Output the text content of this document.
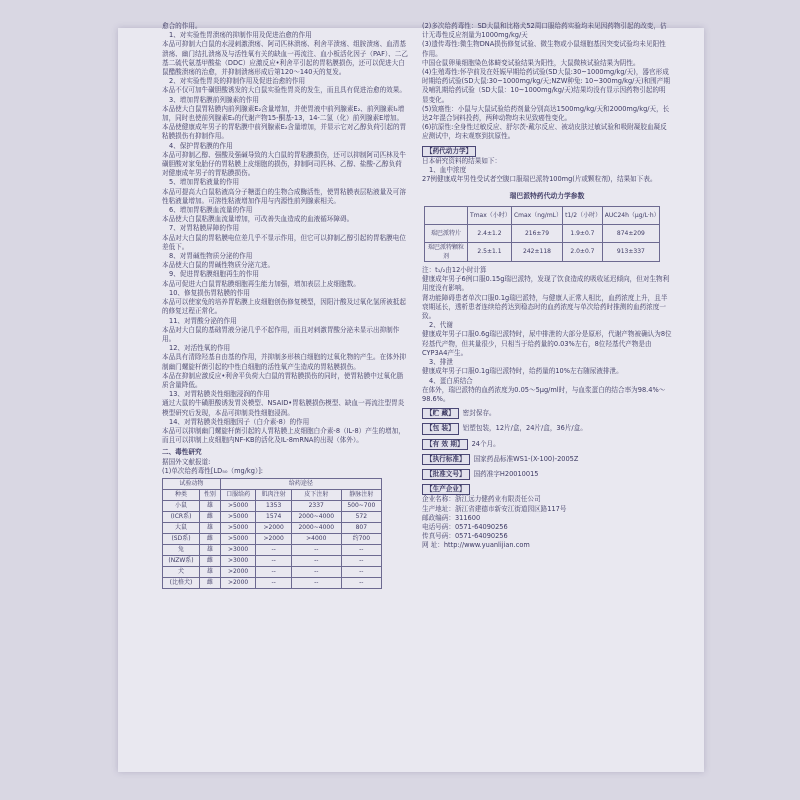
愈合的作用。

1、对实验性胃溃疡的抑制作用及促进治愈的作用

本品可抑制大白鼠的水浸刺激溃疡、阿司匹林溃疡、利舍平溃疡、组胺溃疡、血清基溃疡、幽门结扎溃疡及与活性氧有关的缺血一再流注、血小板活化因子（PAF）、二乙基二硫代氨基甲酸盐（DDC）应激反应•利舍平引起的胃粘膜损伤，还可以促进大白鼠醋酸溃疡的治愈，并抑制溃疡形成后第120～140天的复发。

2、对实验性胃炎的抑制作用及促进治愈的作用

本品不仅可加牛磺胆酸诱发的大白鼠实验性胃炎的发生，而且具有促进治愈的效果。

3、增加胃粘膜前列腺素的作用

本品使大白鼠胃粘膜内前列腺素E₂含量增加，并使胃液中前列腺素E₂、前列腺素I₂增加，同时也使前列腺素E₂的代谢产物15-酮基-13，14-二氢（化）前列腺素E增加。

本品使健康成年男子的胃粘膜中前列腺素E₂含量增加，并显示它对乙醇负荷引起的胃粘膜损伤有抑制作用。

4、保护胃粘膜的作用

本品可抑制乙醇、强酸及强碱导致的大白鼠的胃粘膜损伤，还可以抑制阿司匹林及牛磺胆酸对家兔胎仔的胃粘膜上皮细胞的损伤，抑制阿司匹林、乙醇、盐酸-乙醇负荷对健康成年男子的胃粘膜损伤。

5、增加胃粘液量的作用

本品可提高大白鼠粘液高分子糖蛋白的生物合成酶活性，使胃粘膜表层粘液量及可溶性粘液量增加。可溶性粘液增加作用与内源性前列腺素相关。

6、增加胃粘膜血流量的作用

本品使大白鼠粘膜血流量增加，可改善失血造成的血液循环障碍。

7、对胃粘膜屏障的作用

本品对大白鼠的胃粘膜电位差几乎不显示作用，但它可以抑制乙醇引起的胃粘膜电位差低下。

8、对胃碱性物质分泌的作用

本品使大白鼠的胃碱性物质分泌亢进。

9、促进胃粘膜细胞再生的作用

本品可促进大白鼠胃粘膜细胞再生能力加强，增加表层上皮细胞数。

10、修复损伤胃粘膜的作用

本品可以使家兔的培养胃粘膜上皮细胞创伤修复模型，因阳汁酸及过氧化氢所被抵起的修复过程正常化。

11、对胃酸分泌的作用

本品对大白鼠的基础胃液分泌几乎不起作用，而且对刺激胃酸分泌未显示出抑制作用。

12、对活性氧的作用

本品具有清除羟基自由基的作用，并抑制多形核白细胞的过氧化物的产生。在体外抑制幽门螺旋杆菌引起的中性白细胞的活性氧产生造成的胃粘膜损伤。

本品在抑制应激反应•利舍平负荷大白鼠的胃粘膜损伤的同时，使胃粘膜中过氧化脂质含量降低。

13、对胃粘膜炎性细胞浸润的作用

通过大鼠的牛磺胆酸诱发胃炎模型、NSAID•胃粘膜损伤模型、缺血一再流注型胃炎模型研究后发现，本品可抑制炎性细胞浸润。

14、对胃粘膜炎性细胞因子（白介素-8）的作用

本品可以抑制幽门螺旋杆菌引起的人胃粘膜上皮细胞白介素-8（IL-8）产生的增加，而且可以抑制上皮细胞内NF-KB的活化及IL-8mRNA的出现（体外）。

二、毒性研究

据国外文献报道:

(1)单次给药毒性[LD₅₀（mg/kg）]:

试验动物		给药途径			
种类	性别	口服给药	肌肉注射	皮下注射	静脉注射
小鼠	雄	>5000	1353	2337	500~700
(ICR系)	雌	>5000	1574	2000~4000	572
大鼠	雄	>5000	>2000	2000~4000	807
(SD系)	雌	>5000	>2000	>4000	约700
兔	雄	>3000	--	--	--
(NZW系)	雌	>3000	--	--	--
犬	雄	>2000	--	--	--
(比格犬)	雌	>2000	--	--	--

(2)多次给药毒性：SD大鼠和比格犬52周口服给药实验均未见因药物引起的改变，估计无毒性反应剂量为1000mg/kg/天

(3)遗传毒性:微生物DNA损伤修复试验、微生物或小鼠细胞基因突变试验均未见阳性作用。

中国仓鼠卵巢细胞染色体畸变试验结果为阳性，大鼠微核试验结果为阴性。

(4)生殖毒性:怀孕前及在妊娠早期给药试验(SD大鼠:30~1000mg/kg/天)，器官形成时期给药试验(SD大鼠:30~1000mg/kg/天;NZW种兔: 10~300mg/kg/天)和围产期及哺乳期给药试验（SD大鼠：10~1000mg/kg/天)结果均没有显示因药物引起的明显变化。

(5)致癌性：小鼠与大鼠试验给药剂量分别高达1500mg/kg/天和2000mg/kg/天，长达2年混合饲料投药，两种动物均未见致癌性变化。

(6)抗原性:全身性过敏反应、舒尔茨-戴尔反应、被动皮肤过敏试验和吸附凝胶血凝反应测试中，均未观察到抗原性。

【药代动力学】

日本研究资料的结果如下：

1、血中浓度

27例健康成年男性受试者空腹口服瑞巴派特100mg(片或颗粒剂)，结果如下表。

瑞巴派特药代动力学参数

	Tmax（小时）	Cmax（ng/mL）	t1/2（小时）	AUC24h（μg/L·h）
瑞巴派特片	2.4±1.2	216±79	1.9±0.7	874±209
瑞巴派特颗粒剂	2.5±1.1	242±118	2.0±0.7	913±337

注：t₁/₂由12小时计算

健康成年男子6例口服0.15g瑞巴派特，发现了饮食造成的吸收延迟倾向，但对生物利用度没有影响。

肾功能障碍患者单次口服0.1g瑞巴派特，与健康人正常人相比，血药浓度上升，且半衰期延长，透析患者连续给药达到稳态时的血药浓度与单次给药时推测的血药浓度一致。

2、代谢

健康成年男子口服0.6g瑞巴派特时，尿中排泄的大部分是原形，代谢产物被确认为8位羟基代产物，但其量很少，只相当于给药量的0.03%左右，8位羟基代产物是由CYP3A4产生。

3、排泄

健康成年男子口服0.1g瑞巴派特时，给药量的10%左右随尿液排泄。

4、蛋白质结合

在体外，瑞巴派特的血药浓度为0.05～5μg/ml时，与血浆蛋白的结合率为98.4%～98.6%。

【贮 藏】 密封保存。

【包 装】 铝塑包装，12片/盒，24片/盒，36片/盒。

【有 效 期】 24个月。

【执行标准】 国家药品标准WS1-(X-100)-2005Z

【批准文号】 国药准字H20010015

【生产企业】

企业名称：浙江远力健药业有限责任公司

生产地址：浙江省建德市新安江街道园区路117号

邮政编码：311600

电话号码：0571-64090256

传真号码：0571-64090256

网 址：http://www.yuanlijian.com
